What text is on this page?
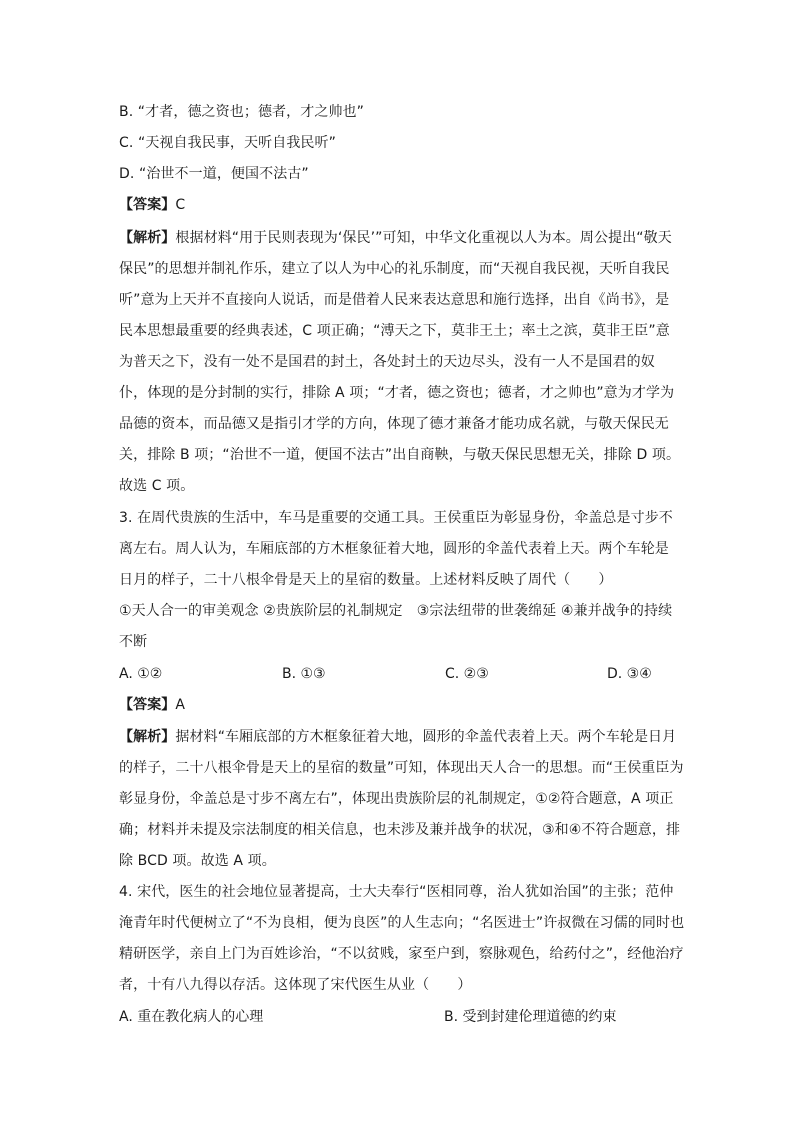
B. “才者，德之资也；德者，才之帅也”
C. “天视自我民事，天听自我民听”
D. “治世不一道，便国不法古”
【答案】C
【解析】根据材料“用于民则表现为‘保民’”可知，中华文化重视以人为本。周公提出“敬天
保民”的思想并制礼作乐，建立了以人为中心的礼乐制度，而“天视自我民视，天听自我民
听”意为上天并不直接向人说话，而是借着人民来表达意思和施行选择，出自《尚书》，是
民本思想最重要的经典表述，C 项正确；“溥天之下，莫非王土；率土之滨，莫非王臣”意
为普天之下，没有一处不是国君的封土，各处封土的天边尽头，没有一人不是国君的奴
仆，体现的是分封制的实行，排除 A 项；“才者，德之资也；德者，才之帅也”意为才学为
品德的资本，而品德又是指引才学的方向，体现了德才兼备才能功成名就，与敬天保民无
关，排除 B 项；“治世不一道，便国不法古”出自商鞅，与敬天保民思想无关，排除 D 项。
故选 C 项。
3. 在周代贵族的生活中，车马是重要的交通工具。王侯重臣为彰显身份，伞盖总是寸步不
离左右。周人认为，车厢底部的方木框象征着大地，圆形的伞盖代表着上天。两个车轮是
日月的样子，二十八根伞骨是天上的星宿的数量。上述材料反映了周代（　　）
①天人合一的审美观念 ②贵族阶层的礼制规定　③宗法纽带的世袭绵延 ④兼并战争的持续
不断
A. ①②	B. ①③	C. ②③	D. ③④
【答案】A
【解析】据材料“车厢底部的方木框象征着大地，圆形的伞盖代表着上天。两个车轮是日月
的样子，二十八根伞骨是天上的星宿的数量”可知，体现出天人合一的思想。而“王侯重臣为
彰显身份，伞盖总是寸步不离左右”，体现出贵族阶层的礼制规定，①②符合题意，A 项正
确；材料并未提及宗法制度的相关信息，也未涉及兼并战争的状况，③和④不符合题意，排
除 BCD 项。故选 A 项。
4. 宋代，医生的社会地位显著提高，士大夫奉行“医相同尊，治人犹如治国”的主张；范仲
淹青年时代便树立了“不为良相，便为良医”的人生志向；“名医进士”许叔微在习儒的同时也
精研医学，亲自上门为百姓诊治，“不以贫贱，家至户到，察脉观色，给药付之”，经他治疗
者，十有八九得以存活。这体现了宋代医生从业（　　）
A. 重在教化病人的心理	B. 受到封建伦理道德的约束
